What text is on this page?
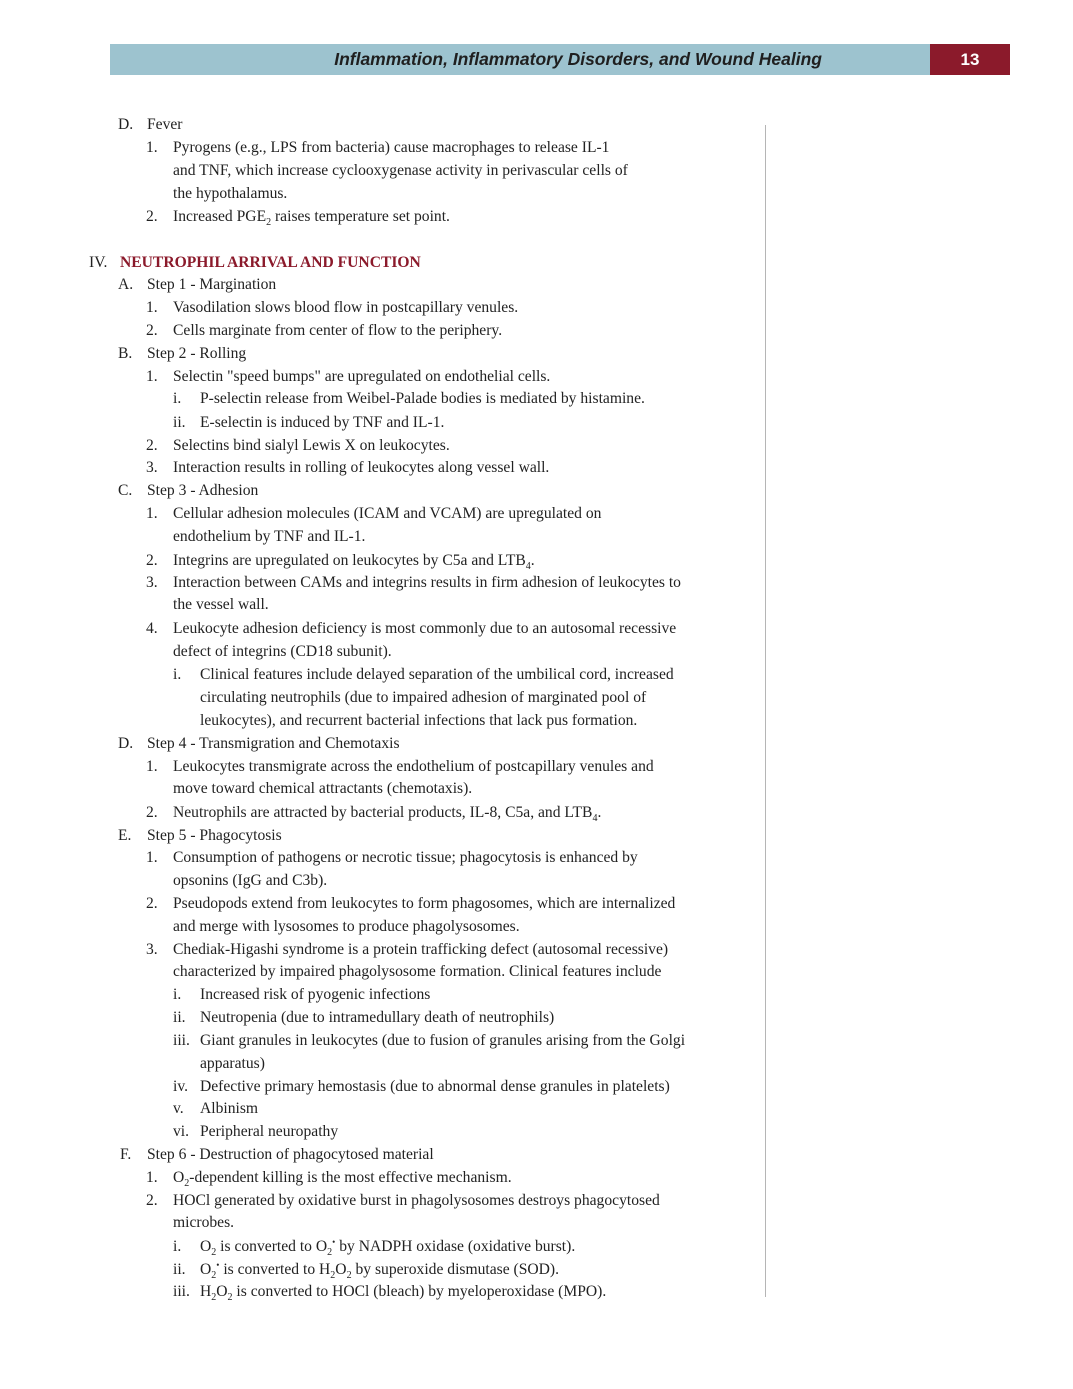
Inflammation, Inflammatory Disorders, and Wound Healing	13
D. Fever
1. Pyrogens (e.g., LPS from bacteria) cause macrophages to release IL-1
and TNF, which increase cyclooxygenase activity in perivascular cells of
the hypothalamus.
2. Increased $PGE_2$ raises temperature set point.
IV. NEUTROPHIL ARRIVAL AND FUNCTION
A. Step 1 - Margination
1. Vasodilation slows blood flow in postcapillary venules.
2. Cells marginate from center of flow to the periphery.
B. Step 2 - Rolling
1. Selectin "speed bumps" are upregulated on endothelial cells.
i. P-selectin release from Weibel-Palade bodies is mediated by histamine.
ii. E-selectin is induced by TNF and IL-1.
2. Selectins bind sialyl Lewis X on leukocytes.
3. Interaction results in rolling of leukocytes along vessel wall.
C. Step 3 - Adhesion
1. Cellular adhesion molecules (ICAM and VCAM) are upregulated on
endothelium by TNF and IL-1.
2. Integrins are upregulated on leukocytes by C5a and $LTB_4$.
3. Interaction between CAMs and integrins results in firm adhesion of leukocytes to
the vessel wall.
4. Leukocyte adhesion deficiency is most commonly due to an autosomal recessive
defect of integrins (CD18 subunit).
i. Clinical features include delayed separation of the umbilical cord, increased
circulating neutrophils (due to impaired adhesion of marginated pool of
leukocytes), and recurrent bacterial infections that lack pus formation.
D. Step 4 - Transmigration and Chemotaxis
1. Leukocytes transmigrate across the endothelium of postcapillary venules and
move toward chemical attractants (chemotaxis).
2. Neutrophils are attracted by bacterial products, IL-8, C5a, and $LTB_4$.
E. Step 5 - Phagocytosis
1. Consumption of pathogens or necrotic tissue; phagocytosis is enhanced by
opsonins (IgG and C3b).
2. Pseudopods extend from leukocytes to form phagosomes, which are internalized
and merge with lysosomes to produce phagolysosomes.
3. Chediak-Higashi syndrome is a protein trafficking defect (autosomal recessive)
characterized by impaired phagolysosome formation. Clinical features include
i. Increased risk of pyogenic infections
ii. Neutropenia (due to intramedullary death of neutrophils)
iii. Giant granules in leukocytes (due to fusion of granules arising from the Golgi
apparatus)
iv. Defective primary hemostasis (due to abnormal dense granules in platelets)
v. Albinism
vi. Peripheral neuropathy
F. Step 6 - Destruction of phagocytosed material
1. $O_2$-dependent killing is the most effective mechanism.
2. HOCl generated by oxidative burst in phagolysosomes destroys phagocytosed
microbes.
i. $O_2$ is converted to $O_2^•$ by NADPH oxidase (oxidative burst).
ii. $O_2^•$ is converted to $H_2O_2$ by superoxide dismutase (SOD).
iii. $H_2O_2$ is converted to HOCl (bleach) by myeloperoxidase (MPO).
